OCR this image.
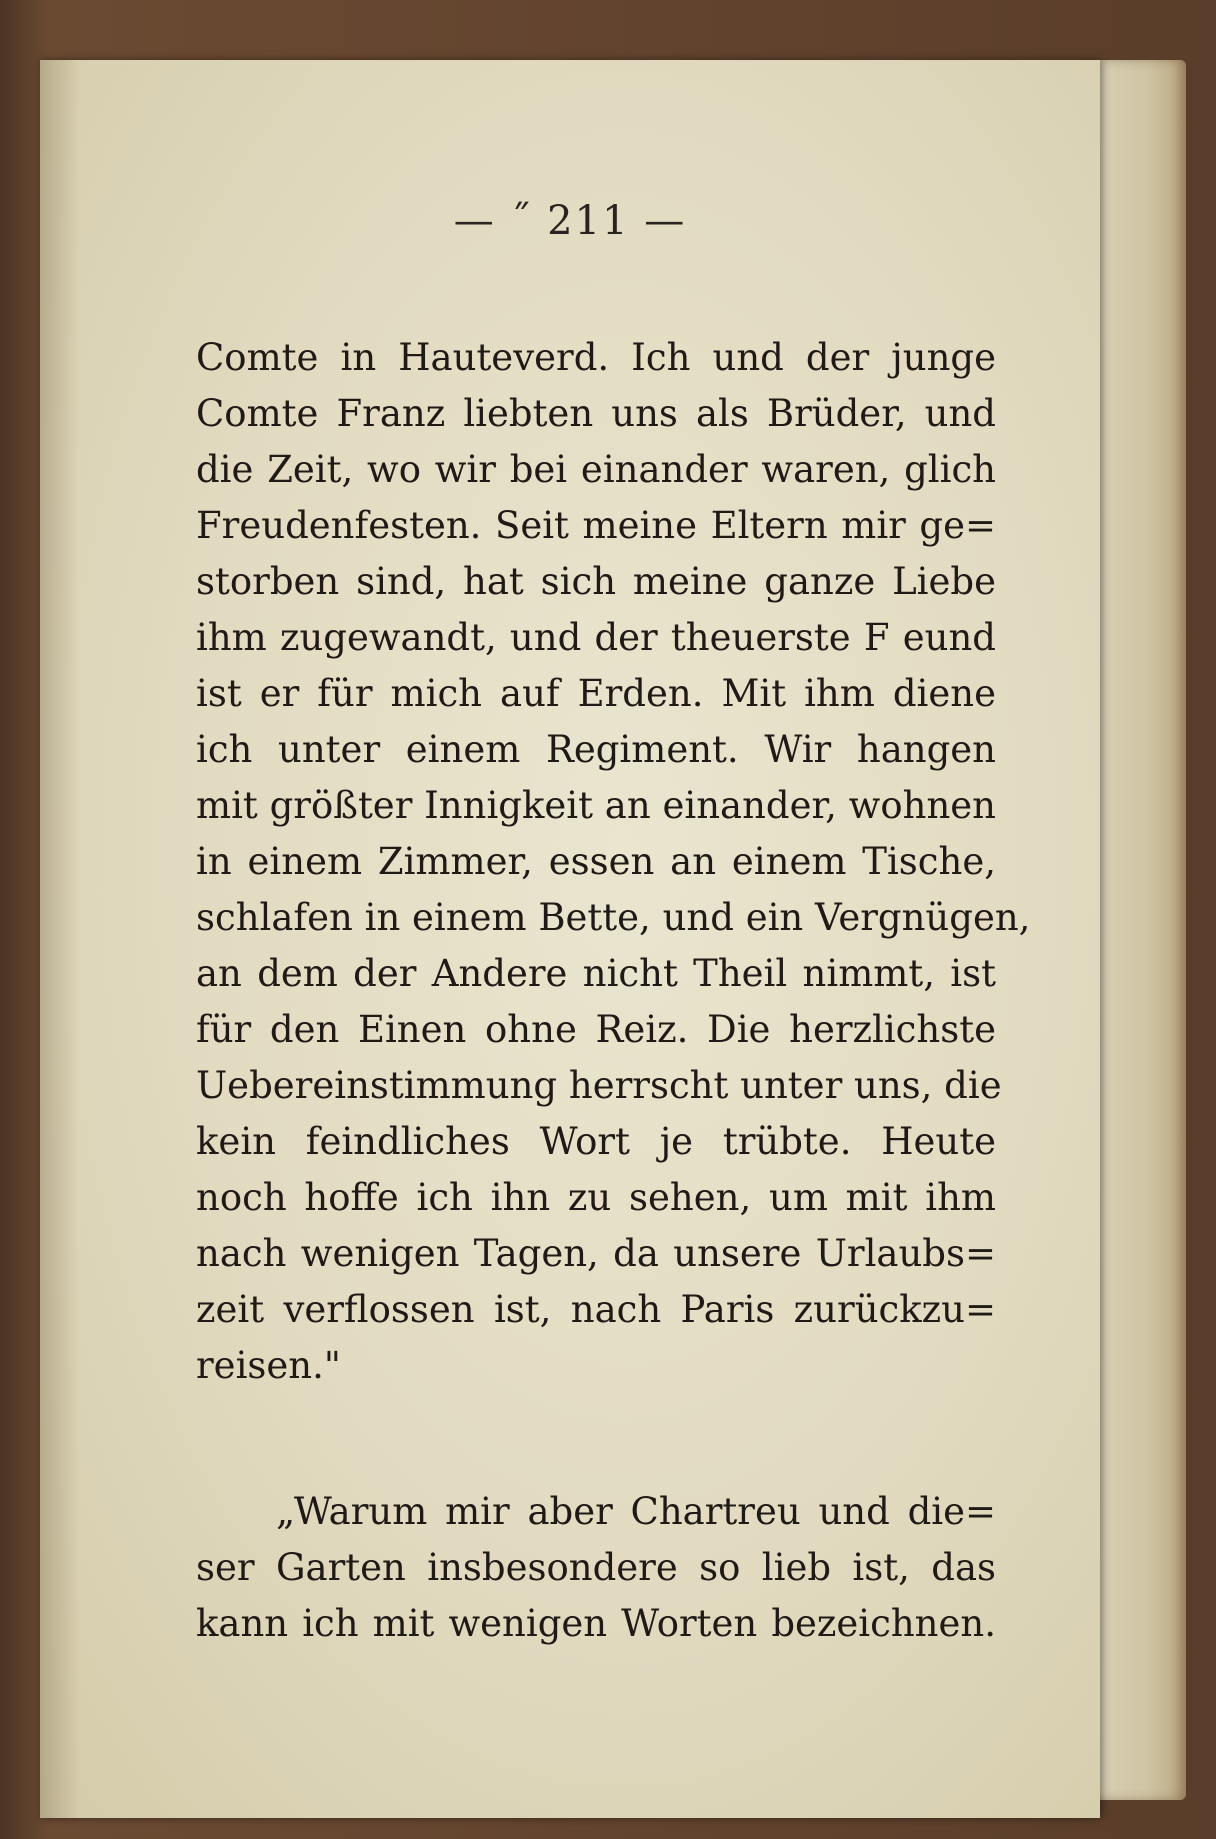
— ˝ 211 —
Comte in Hauteverd. Ich und der junge
Comte Franz liebten uns als Brüder, und
die Zeit, wo wir bei einander waren, glich
Freudenfesten. Seit meine Eltern mir ge=
storben sind, hat sich meine ganze Liebe
ihm zugewandt, und der theuerste F eund
ist er für mich auf Erden. Mit ihm diene
ich unter einem Regiment. Wir hangen
mit größter Innigkeit an einander, wohnen
in einem Zimmer, essen an einem Tische,
schlafen in einem Bette, und ein Vergnügen,
an dem der Andere nicht Theil nimmt, ist
für den Einen ohne Reiz. Die herzlichste
Uebereinstimmung herrscht unter uns, die
kein feindliches Wort je trübte. Heute
noch hoffe ich ihn zu sehen, um mit ihm
nach wenigen Tagen, da unsere Urlaubs=
zeit verflossen ist, nach Paris zurückzu=
reisen."
„Warum mir aber Chartreu und die=
ser Garten insbesondere so lieb ist, das
kann ich mit wenigen Worten bezeichnen.
